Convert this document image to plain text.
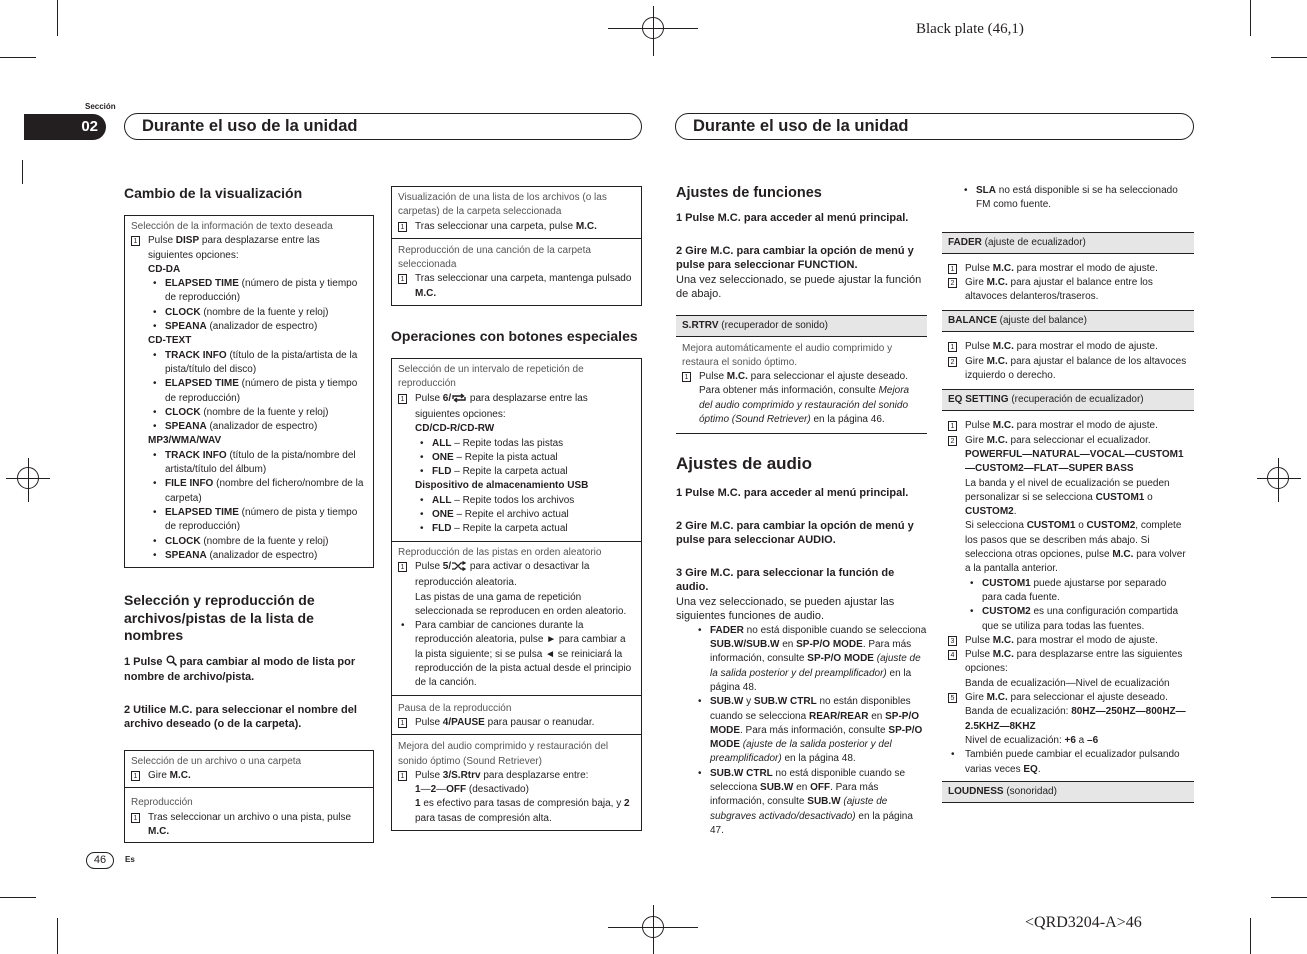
Black plate (46,1)
<QRD3204-A>46
Sección
02	Durante el uso de la unidad	Durante el uso de la unidad
46	Es
Cambio de la visualización
Selección de la información de texto deseada
1 Pulse DISP para desplazarse entre las siguientes opciones:
CD-DA
• ELAPSED TIME (número de pista y tiempo de reproducción)
• CLOCK (nombre de la fuente y reloj)
• SPEANA (analizador de espectro)
CD-TEXT
• TRACK INFO (título de la pista/artista de la pista/título del disco)
• ELAPSED TIME (número de pista y tiempo de reproducción)
• CLOCK (nombre de la fuente y reloj)
• SPEANA (analizador de espectro)
MP3/WMA/WAV
• TRACK INFO (título de la pista/nombre del artista/título del álbum)
• FILE INFO (nombre del fichero/nombre de la carpeta)
• ELAPSED TIME (número de pista y tiempo de reproducción)
• CLOCK (nombre de la fuente y reloj)
• SPEANA (analizador de espectro)
Selección y reproducción de archivos/pistas de la lista de nombres
1 Pulse para cambiar al modo de lista por nombre de archivo/pista.
2 Utilice M.C. para seleccionar el nombre del archivo deseado (o de la carpeta).
Selección de un archivo o una carpeta
1 Gire M.C.
Reproducción
1 Tras seleccionar un archivo o una pista, pulse M.C.
Visualización de una lista de los archivos (o las carpetas) de la carpeta seleccionada
1 Tras seleccionar una carpeta, pulse M.C.
Reproducción de una canción de la carpeta seleccionada
1 Tras seleccionar una carpeta, mantenga pulsado M.C.
Operaciones con botones especiales
Selección de un intervalo de repetición de reproducción
1 Pulse 6/ para desplazarse entre las siguientes opciones:
CD/CD-R/CD-RW
• ALL – Repite todas las pistas
• ONE – Repite la pista actual
• FLD – Repite la carpeta actual
Dispositivo de almacenamiento USB
• ALL – Repite todos los archivos
• ONE – Repite el archivo actual
• FLD – Repite la carpeta actual
Reproducción de las pistas en orden aleatorio
1 Pulse 5/ para activar o desactivar la reproducción aleatoria.
Las pistas de una gama de repetición seleccionada se reproducen en orden aleatorio.
• Para cambiar de canciones durante la reproducción aleatoria, pulse ► para cambiar a la pista siguiente; si se pulsa ◄ se reiniciará la reproducción de la pista actual desde el principio de la canción.
Pausa de la reproducción
1 Pulse 4/PAUSE para pausar o reanudar.
Mejora del audio comprimido y restauración del sonido óptimo (Sound Retriever)
1 Pulse 3/S.Rtrv para desplazarse entre:
1—2—OFF (desactivado)
1 es efectivo para tasas de compresión baja, y 2 para tasas de compresión alta.
Ajustes de funciones
1 Pulse M.C. para acceder al menú principal.
2 Gire M.C. para cambiar la opción de menú y pulse para seleccionar FUNCTION.
Una vez seleccionado, se puede ajustar la función de abajo.
S.RTRV (recuperador de sonido)
Mejora automáticamente el audio comprimido y restaura el sonido óptimo.
1 Pulse M.C. para seleccionar el ajuste deseado.
Para obtener más información, consulte Mejora del audio comprimido y restauración del sonido óptimo (Sound Retriever) en la página 46.
Ajustes de audio
1 Pulse M.C. para acceder al menú principal.
2 Gire M.C. para cambiar la opción de menú y pulse para seleccionar AUDIO.
3 Gire M.C. para seleccionar la función de audio.
Una vez seleccionado, se pueden ajustar las siguientes funciones de audio.
• FADER no está disponible cuando se selecciona SUB.W/SUB.W en SP-P/O MODE. Para más información, consulte SP-P/O MODE (ajuste de la salida posterior y del preamplificador) en la página 48.
• SUB.W y SUB.W CTRL no están disponibles cuando se selecciona REAR/REAR en SP-P/O MODE. Para más información, consulte SP-P/O MODE (ajuste de la salida posterior y del preamplificador) en la página 48.
• SUB.W CTRL no está disponible cuando se selecciona SUB.W en OFF. Para más información, consulte SUB.W (ajuste de subgraves activado/desactivado) en la página 47.
• SLA no está disponible si se ha seleccionado FM como fuente.
FADER (ajuste de ecualizador)
1 Pulse M.C. para mostrar el modo de ajuste.
2 Gire M.C. para ajustar el balance entre los altavoces delanteros/traseros.
BALANCE (ajuste del balance)
1 Pulse M.C. para mostrar el modo de ajuste.
2 Gire M.C. para ajustar el balance de los altavoces izquierdo o derecho.
EQ SETTING (recuperación de ecualizador)
1 Pulse M.C. para mostrar el modo de ajuste.
2 Gire M.C. para seleccionar el ecualizador.
POWERFUL—NATURAL—VOCAL—CUSTOM1—CUSTOM2—FLAT—SUPER BASS
La banda y el nivel de ecualización se pueden personalizar si se selecciona CUSTOM1 o CUSTOM2.
Si selecciona CUSTOM1 o CUSTOM2, complete los pasos que se describen más abajo. Si selecciona otras opciones, pulse M.C. para volver a la pantalla anterior.
• CUSTOM1 puede ajustarse por separado para cada fuente.
• CUSTOM2 es una configuración compartida que se utiliza para todas las fuentes.
3 Pulse M.C. para mostrar el modo de ajuste.
4 Pulse M.C. para desplazarse entre las siguientes opciones:
Banda de ecualización—Nivel de ecualización
5 Gire M.C. para seleccionar el ajuste deseado.
Banda de ecualización: 80HZ—250HZ—800HZ—2.5KHZ—8KHZ
Nivel de ecualización: +6 a –6
• También puede cambiar el ecualizador pulsando varias veces EQ.
LOUDNESS (sonoridad)
